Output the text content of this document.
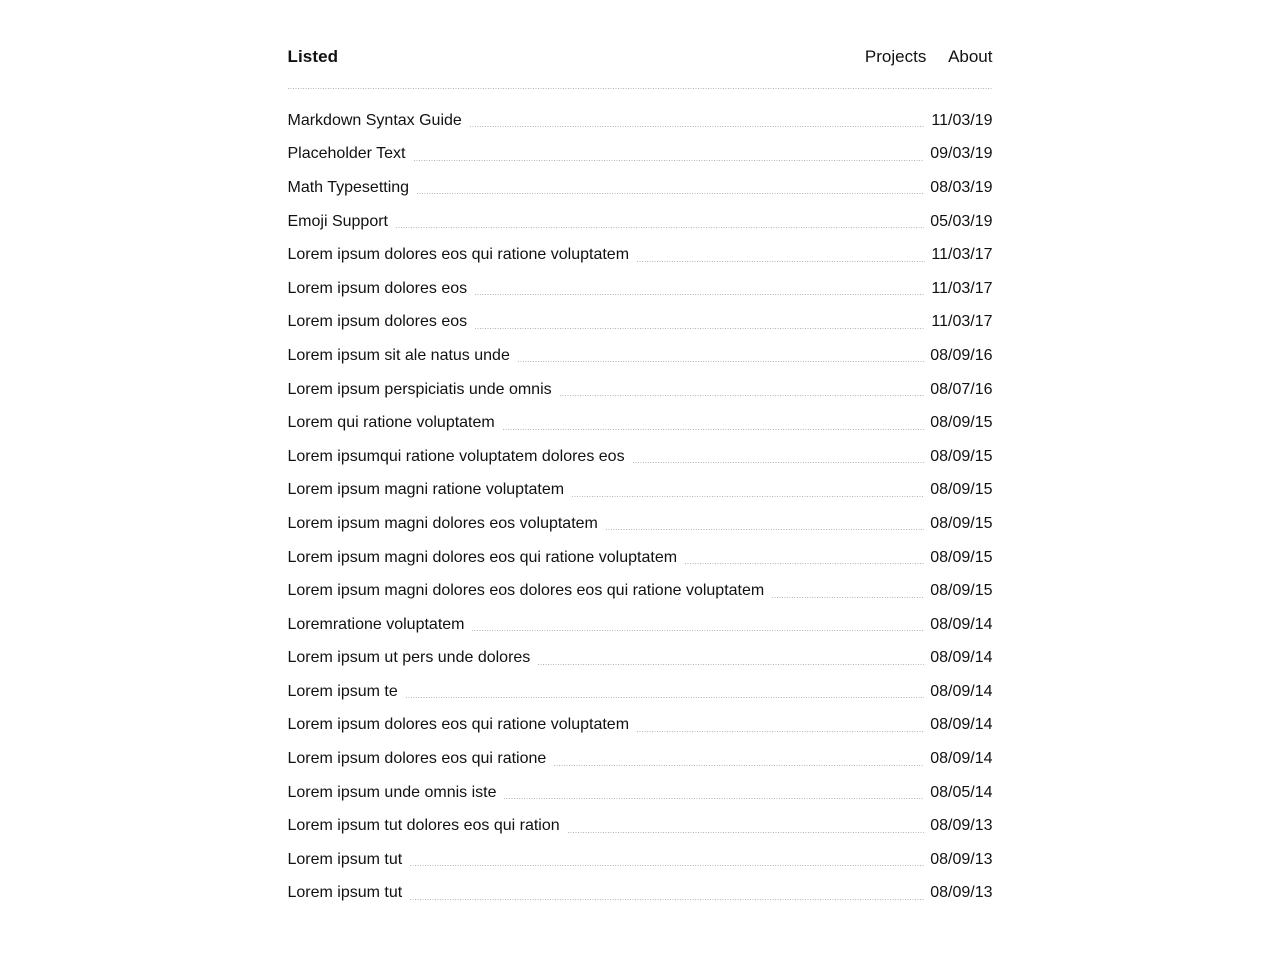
Listed	Projects About
Markdown Syntax Guide	11/03/19
Placeholder Text	09/03/19
Math Typesetting	08/03/19
Emoji Support	05/03/19
Lorem ipsum dolores eos qui ratione voluptatem	11/03/17
Lorem ipsum dolores eos	11/03/17
Lorem ipsum dolores eos	11/03/17
Lorem ipsum sit ale natus unde	08/09/16
Lorem ipsum perspiciatis unde omnis	08/07/16
Lorem qui ratione voluptatem	08/09/15
Lorem ipsumqui ratione voluptatem dolores eos	08/09/15
Lorem ipsum magni ratione voluptatem	08/09/15
Lorem ipsum magni dolores eos voluptatem	08/09/15
Lorem ipsum magni dolores eos qui ratione voluptatem	08/09/15
Lorem ipsum magni dolores eos dolores eos qui ratione voluptatem	08/09/15
Loremratione voluptatem	08/09/14
Lorem ipsum ut pers unde dolores	08/09/14
Lorem ipsum te	08/09/14
Lorem ipsum dolores eos qui ratione voluptatem	08/09/14
Lorem ipsum dolores eos qui ratione	08/09/14
Lorem ipsum unde omnis iste	08/05/14
Lorem ipsum tut dolores eos qui ration	08/09/13
Lorem ipsum tut	08/09/13
Lorem ipsum tut	08/09/13
